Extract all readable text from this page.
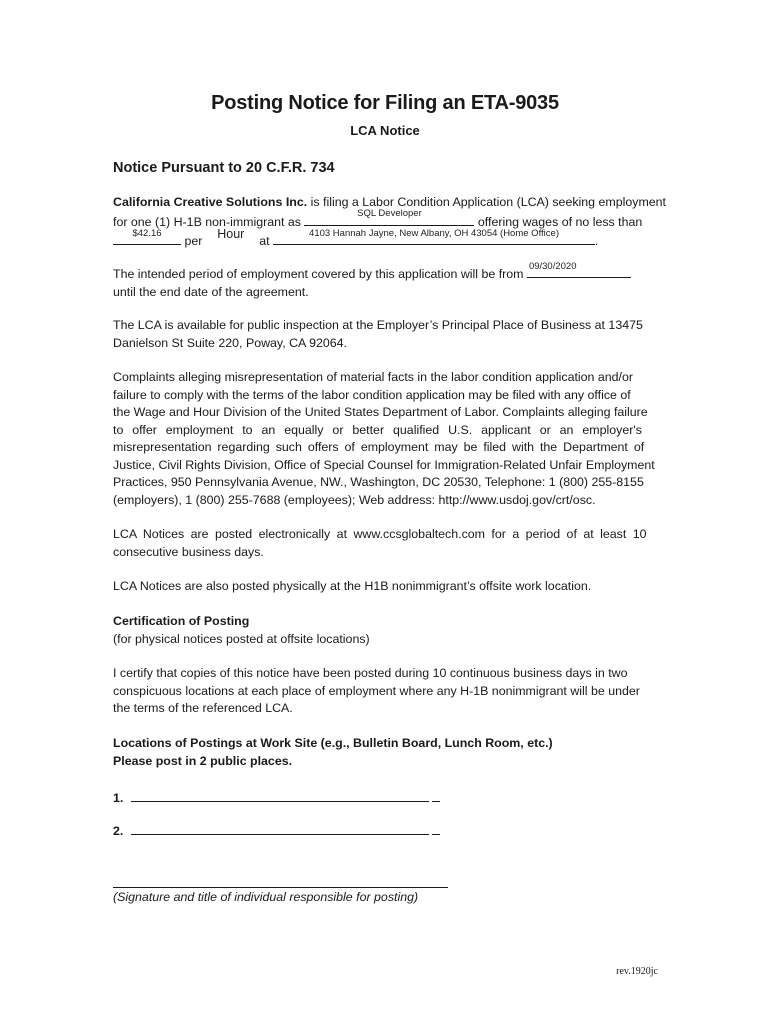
Posting Notice for Filing an ETA-9035
LCA Notice
Notice Pursuant to 20 C.F.R. 734
California Creative Solutions Inc. is filing a Labor Condition Application (LCA) seeking employment
for one (1) H-1B non-immigrant as
SQL Developer
offering wages of no less than
$42.16
per
Hour
at
4103 Hannah Jayne, New Albany, OH 43054 (Home Office)
.
The intended period of employment covered by this application will be from
09/30/2020
until the end date of the agreement.
The LCA is available for public inspection at the Employer’s Principal Place of Business at 13475
Danielson St Suite 220, Poway, CA 92064.
Complaints alleging misrepresentation of material facts in the labor condition application and/or
failure to comply with the terms of the labor condition application may be filed with any office of
the Wage and Hour Division of the United States Department of Labor. Complaints alleging failure
to offer employment to an equally or better qualified U.S. applicant or an employer's
misrepresentation regarding such offers of employment may be filed with the Department of
Justice, Civil Rights Division, Office of Special Counsel for Immigration-Related Unfair Employment
Practices, 950 Pennsylvania Avenue, NW., Washington, DC 20530, Telephone: 1 (800) 255-8155
(employers), 1 (800) 255-7688 (employees); Web address: http://www.usdoj.gov/crt/osc.
LCA Notices are posted electronically at www.ccsglobaltech.com for a period of at least 10
consecutive business days.
LCA Notices are also posted physically at the H1B nonimmigrant’s offsite work location.
Certification of Posting
(for physical notices posted at offsite locations)
I certify that copies of this notice have been posted during 10 continuous business days in two
conspicuous locations at each place of employment where any H-1B nonimmigrant will be under
the terms of the referenced LCA.
Locations of Postings at Work Site (e.g., Bulletin Board, Lunch Room, etc.)
Please post in 2 public places.
1.
2.
(Signature and title of individual responsible for posting)
rev.1920jc
